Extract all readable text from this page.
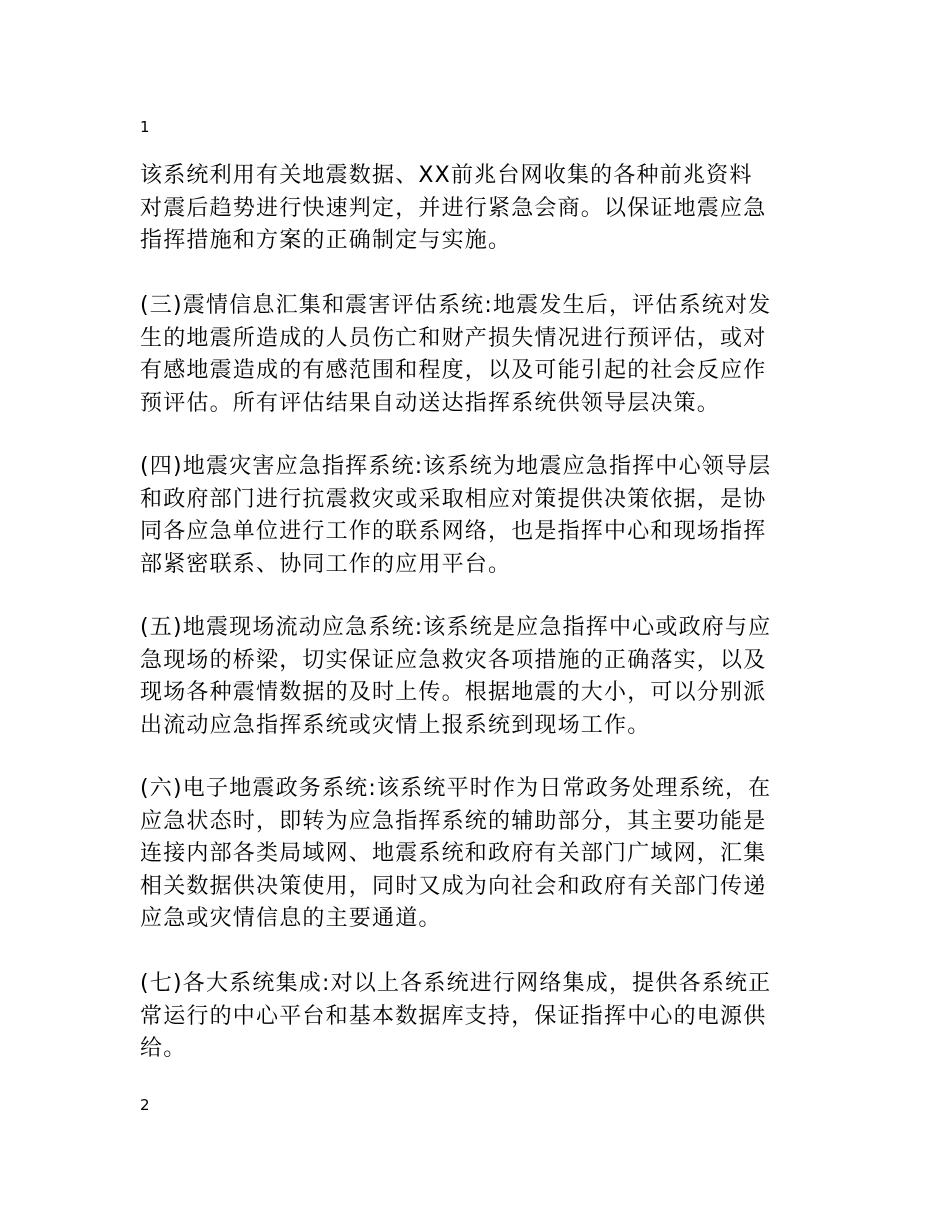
1

该系统利用有关地震数据、XX前兆台网收集的各种前兆资料
对震后趋势进行快速判定，并进行紧急会商。以保证地震应急
指挥措施和方案的正确制定与实施。

(三)震情信息汇集和震害评估系统:地震发生后，评估系统对发
生的地震所造成的人员伤亡和财产损失情况进行预评估，或对
有感地震造成的有感范围和程度，以及可能引起的社会反应作
预评估。所有评估结果自动送达指挥系统供领导层决策。

(四)地震灾害应急指挥系统:该系统为地震应急指挥中心领导层
和政府部门进行抗震救灾或采取相应对策提供决策依据，是协
同各应急单位进行工作的联系网络，也是指挥中心和现场指挥
部紧密联系、协同工作的应用平台。

(五)地震现场流动应急系统:该系统是应急指挥中心或政府与应
急现场的桥梁，切实保证应急救灾各项措施的正确落实，以及
现场各种震情数据的及时上传。根据地震的大小，可以分别派
出流动应急指挥系统或灾情上报系统到现场工作。

(六)电子地震政务系统:该系统平时作为日常政务处理系统，在
应急状态时，即转为应急指挥系统的辅助部分，其主要功能是
连接内部各类局域网、地震系统和政府有关部门广域网，汇集
相关数据供决策使用，同时又成为向社会和政府有关部门传递
应急或灾情信息的主要通道。

(七)各大系统集成:对以上各系统进行网络集成，提供各系统正
常运行的中心平台和基本数据库支持，保证指挥中心的电源供
给。

2
